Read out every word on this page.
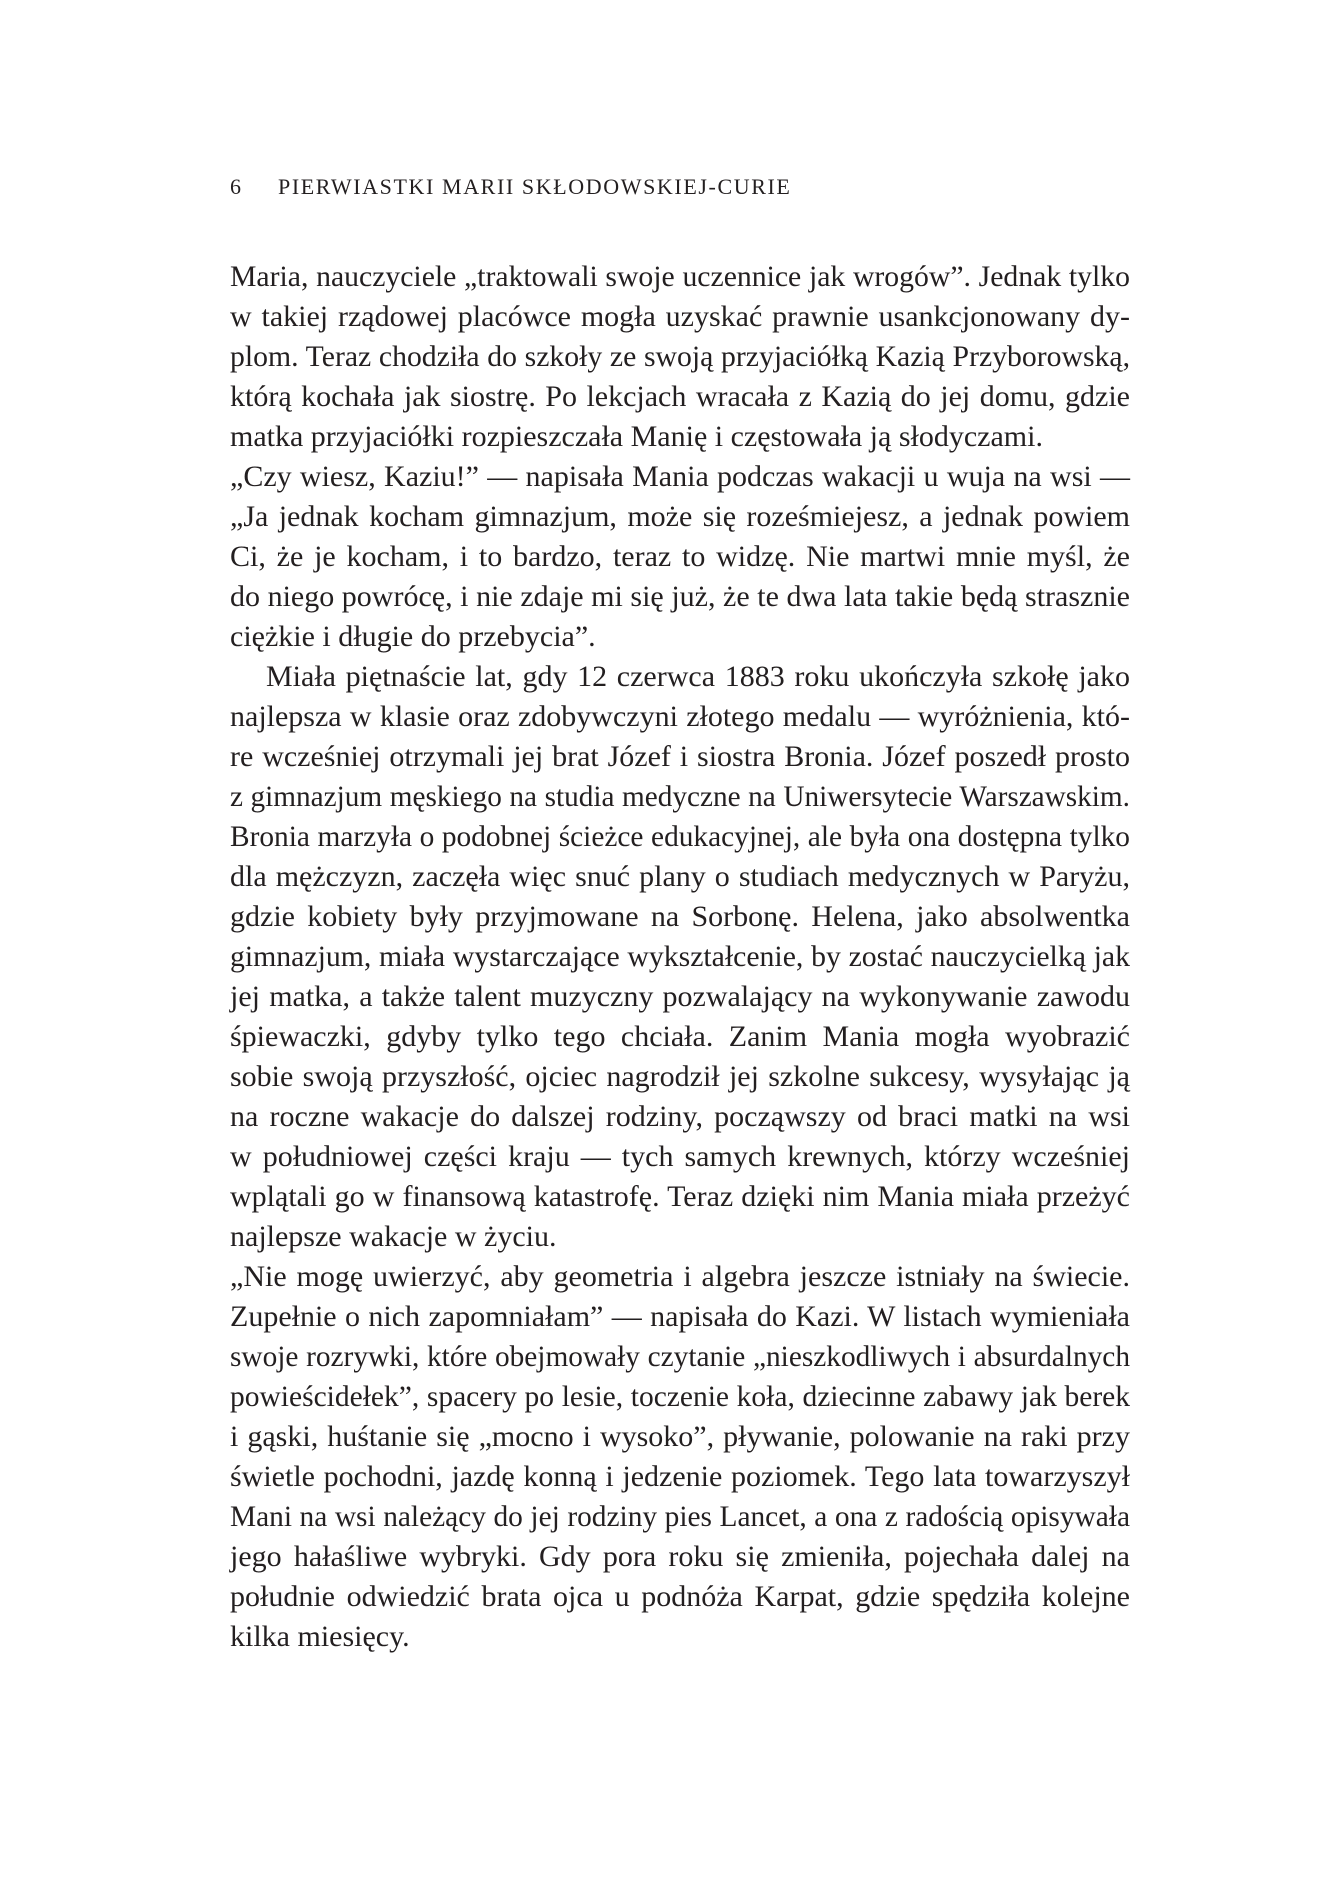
6 PIERWIASTKI MARII SKŁODOWSKIEJ-CURIE
Maria, nauczyciele „traktowali swoje uczennice jak wrogów”. Jednak tylko
w takiej rządowej placówce mogła uzyskać prawnie usankcjonowany dy-
plom. Teraz chodziła do szkoły ze swoją przyjaciółką Kazią Przyborowską,
którą kochała jak siostrę. Po lekcjach wracała z Kazią do jej domu, gdzie
matka przyjaciółki rozpieszczała Manię i częstowała ją słodyczami.
„Czy wiesz, Kaziu!” — napisała Mania podczas wakacji u wuja na wsi —
„Ja jednak kocham gimnazjum, może się roześmiejesz, a jednak powiem
Ci, że je kocham, i to bardzo, teraz to widzę. Nie martwi mnie myśl, że
do niego powrócę, i nie zdaje mi się już, że te dwa lata takie będą strasznie
ciężkie i długie do przebycia”.
Miała piętnaście lat, gdy 12 czerwca 1883 roku ukończyła szkołę jako
najlepsza w klasie oraz zdobywczyni złotego medalu — wyróżnienia, któ-
re wcześniej otrzymali jej brat Józef i siostra Bronia. Józef poszedł prosto
z gimnazjum męskiego na studia medyczne na Uniwersytecie Warszawskim.
Bronia marzyła o podobnej ścieżce edukacyjnej, ale była ona dostępna tylko
dla mężczyzn, zaczęła więc snuć plany o studiach medycznych w Paryżu,
gdzie kobiety były przyjmowane na Sorbonę. Helena, jako absolwentka
gimnazjum, miała wystarczające wykształcenie, by zostać nauczycielką jak
jej matka, a także talent muzyczny pozwalający na wykonywanie zawodu
śpiewaczki, gdyby tylko tego chciała. Zanim Mania mogła wyobrazić
sobie swoją przyszłość, ojciec nagrodził jej szkolne sukcesy, wysyłając ją
na roczne wakacje do dalszej rodziny, począwszy od braci matki na wsi
w południowej części kraju — tych samych krewnych, którzy wcześniej
wplątali go w finansową katastrofę. Teraz dzięki nim Mania miała przeżyć
najlepsze wakacje w życiu.
„Nie mogę uwierzyć, aby geometria i algebra jeszcze istniały na świecie.
Zupełnie o nich zapomniałam” — napisała do Kazi. W listach wymieniała
swoje rozrywki, które obejmowały czytanie „nieszkodliwych i absurdalnych
powieścidełek”, spacery po lesie, toczenie koła, dziecinne zabawy jak berek
i gąski, huśtanie się „mocno i wysoko”, pływanie, polowanie na raki przy
świetle pochodni, jazdę konną i jedzenie poziomek. Tego lata towarzyszył
Mani na wsi należący do jej rodziny pies Lancet, a ona z radością opisywała
jego hałaśliwe wybryki. Gdy pora roku się zmieniła, pojechała dalej na
południe odwiedzić brata ojca u podnóża Karpat, gdzie spędziła kolejne
kilka miesięcy.
